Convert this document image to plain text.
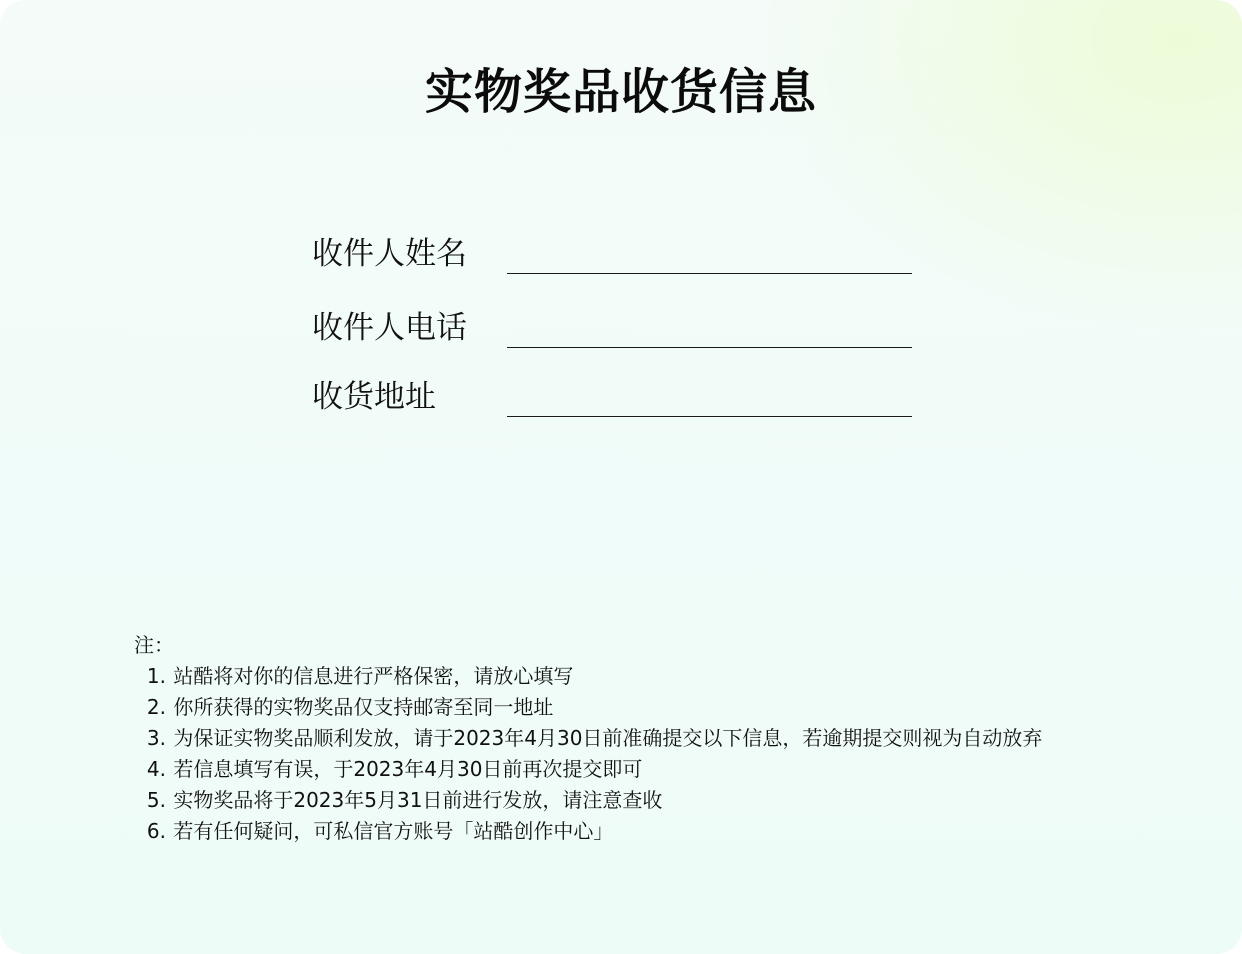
实物奖品收货信息
收件人姓名
收件人电话
收货地址
注：
1. 站酷将对你的信息进行严格保密，请放心填写
2. 你所获得的实物奖品仅支持邮寄至同一地址
3. 为保证实物奖品顺利发放，请于2023年4月30日前准确提交以下信息，若逾期提交则视为自动放弃
4. 若信息填写有误，于2023年4月30日前再次提交即可
5. 实物奖品将于2023年5月31日前进行发放，请注意查收
6. 若有任何疑问，可私信官方账号「站酷创作中心」
